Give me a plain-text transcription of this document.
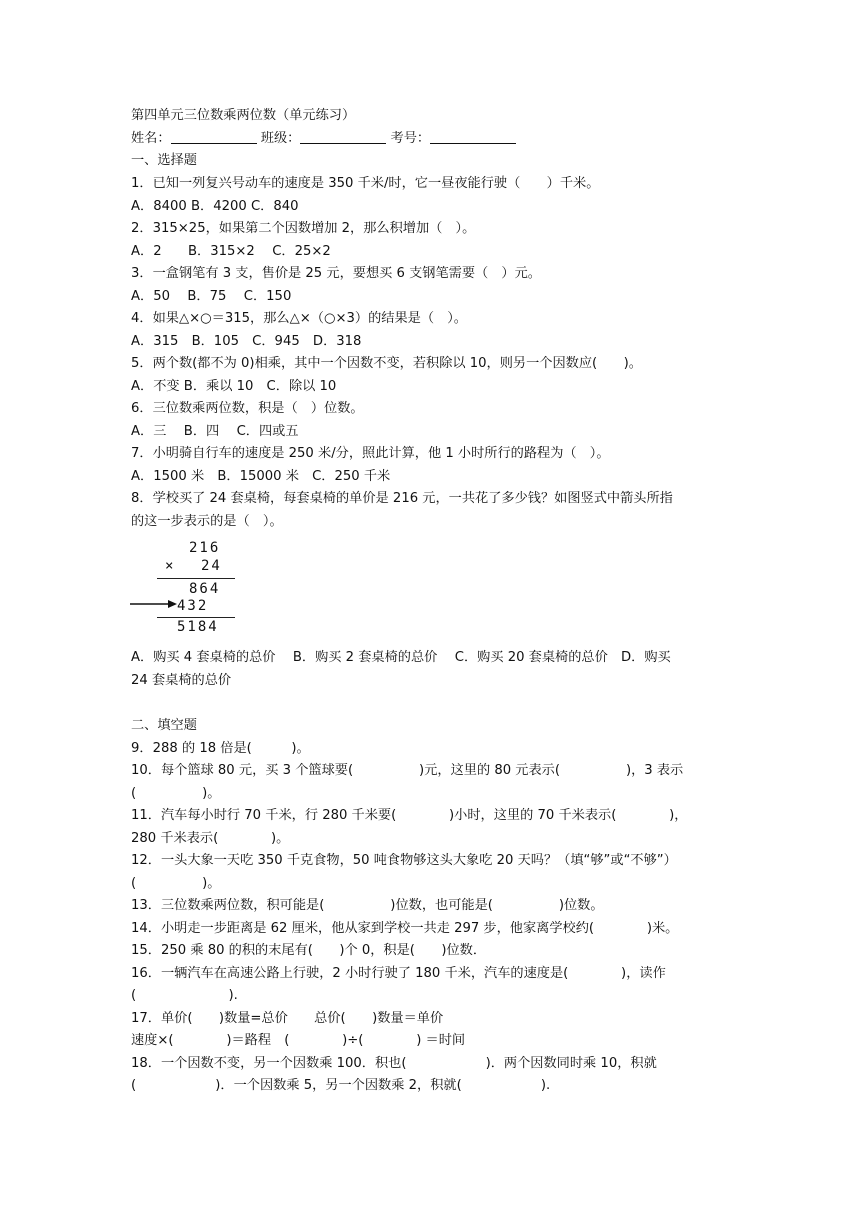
第四单元三位数乘两位数（单元练习）
姓名：	班级：	考号：
一、选择题
1．已知一列复兴号动车的速度是 350 千米/时，它一昼夜能行驶（　　）千米。
A．8400 B．4200 C．840
2．315×25，如果第二个因数增加 2，那么积增加（　）。
A．2　　B．315×2　 C．25×2
3．一盒钢笔有 3 支，售价是 25 元，要想买 6 支钢笔需要（　）元。
A．50　 B．75　 C．150
4．如果△×○＝315，那么△×（○×3）的结果是（　）。
A．315　B．105　C．945　D．318
5．两个数(都不为 0)相乘，其中一个因数不变，若积除以 10，则另一个因数应(　　)。
A．不变 B．乘以 10　C．除以 10
6．三位数乘两位数，积是（　）位数。
A．三　 B．四　 C．四或五
7．小明骑自行车的速度是 250 米/分，照此计算，他 1 小时所行的路程为（　）。
A．1500 米　B．15000 米　C．250 千米
8．学校买了 24 套桌椅，每套桌椅的单价是 216 元，一共花了多少钱？如图竖式中箭头所指
的这一步表示的是（　）。
216
× 24
864
432
5184
A．购买 4 套桌椅的总价　 B．购买 2 套桌椅的总价　 C．购买 20 套桌椅的总价　D．购买
24 套桌椅的总价
二、填空题
9．288 的 18 倍是(　　　)。
10．每个篮球 80 元，买 3 个篮球要(　　　　　)元，这里的 80 元表示(　　　　　)，3 表示
(　　　　　)。
11．汽车每小时行 70 千米，行 280 千米要(　　　　)小时，这里的 70 千米表示(　　　　)，
280 千米表示(　　　　)。
12．一头大象一天吃 350 千克食物，50 吨食物够这头大象吃 20 天吗？（填“够”或“不够”）
(　　　　　)。
13．三位数乘两位数，积可能是(　　　　　)位数，也可能是(　　　　　)位数。
14．小明走一步距离是 62 厘米，他从家到学校一共走 297 步，他家离学校约(　　　　)米。
15．250 乘 80 的积的末尾有(　　)个 0，积是(　　)位数．
16．一辆汽车在高速公路上行驶，2 小时行驶了 180 千米，汽车的速度是(　　　　)，读作
(　　　　　　　).
17．单价(　　)数量=总价　　总价(　　)数量＝单价
速度×(　　　　)＝路程　(　　　　)÷(　　　　) ＝时间
18．一个因数不变，另一个因数乘 100．积也(　　　　　　)．两个因数同时乘 10，积就
(　　　　　　)．一个因数乘 5，另一个因数乘 2，积就(　　　　　　).
